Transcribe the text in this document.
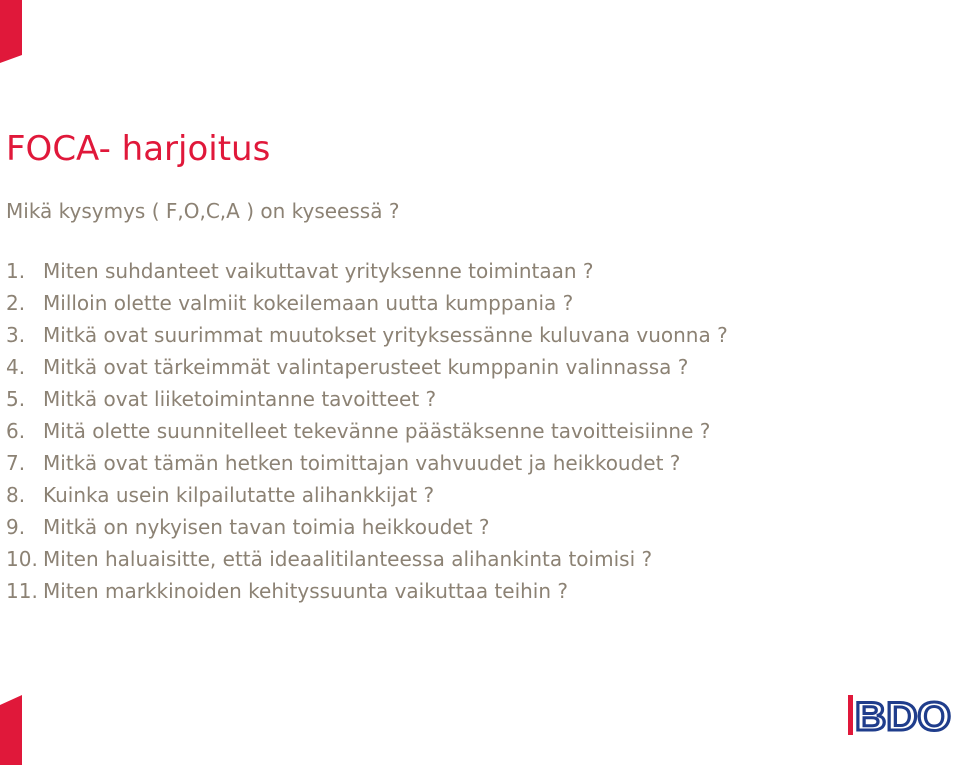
FOCA- harjoitus

Mikä kysymys ( F,O,C,A ) on kyseessä ?

1. Miten suhdanteet vaikuttavat yrityksenne toimintaan ?
2. Milloin olette valmiit kokeilemaan uutta kumppania ?
3. Mitkä ovat suurimmat muutokset yrityksessänne kuluvana vuonna ?
4. Mitkä ovat tärkeimmät valintaperusteet kumppanin valinnassa ?
5. Mitkä ovat liiketoimintanne tavoitteet ?
6. Mitä olette suunnitelleet tekevänne päästäksenne tavoitteisiinne ?
7. Mitkä ovat tämän hetken toimittajan vahvuudet ja heikkoudet ?
8. Kuinka usein kilpailutatte alihankkijat ?
9. Mitkä on nykyisen tavan toimia heikkoudet ?
10. Miten haluaisitte, että ideaalitilanteessa alihankinta toimisi ?
11. Miten markkinoiden kehityssuunta vaikuttaa teihin ?
BDO
